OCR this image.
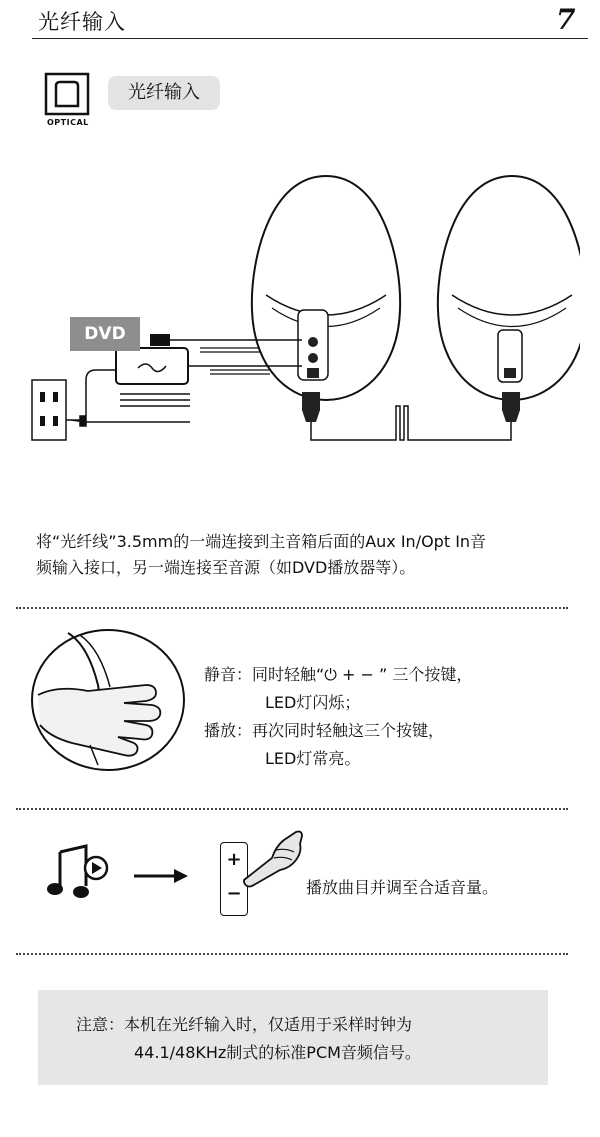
光纤输入	7
OPTICAL
光纤输入
DVD
将“光纤线”3.5mm的一端连接到主音箱后面的Aux In/Opt In音
频输入接口，另一端连接至音源（如DVD播放器等）。
静音：同时轻触“⏻ + − ” 三个按键，
LED灯闪烁；
播放：再次同时轻触这三个按键，
LED灯常亮。
+
−	播放曲目并调至合适音量。
注意：本机在光纤输入时，仅适用于采样时钟为
44.1/48KHz制式的标准PCM音频信号。
